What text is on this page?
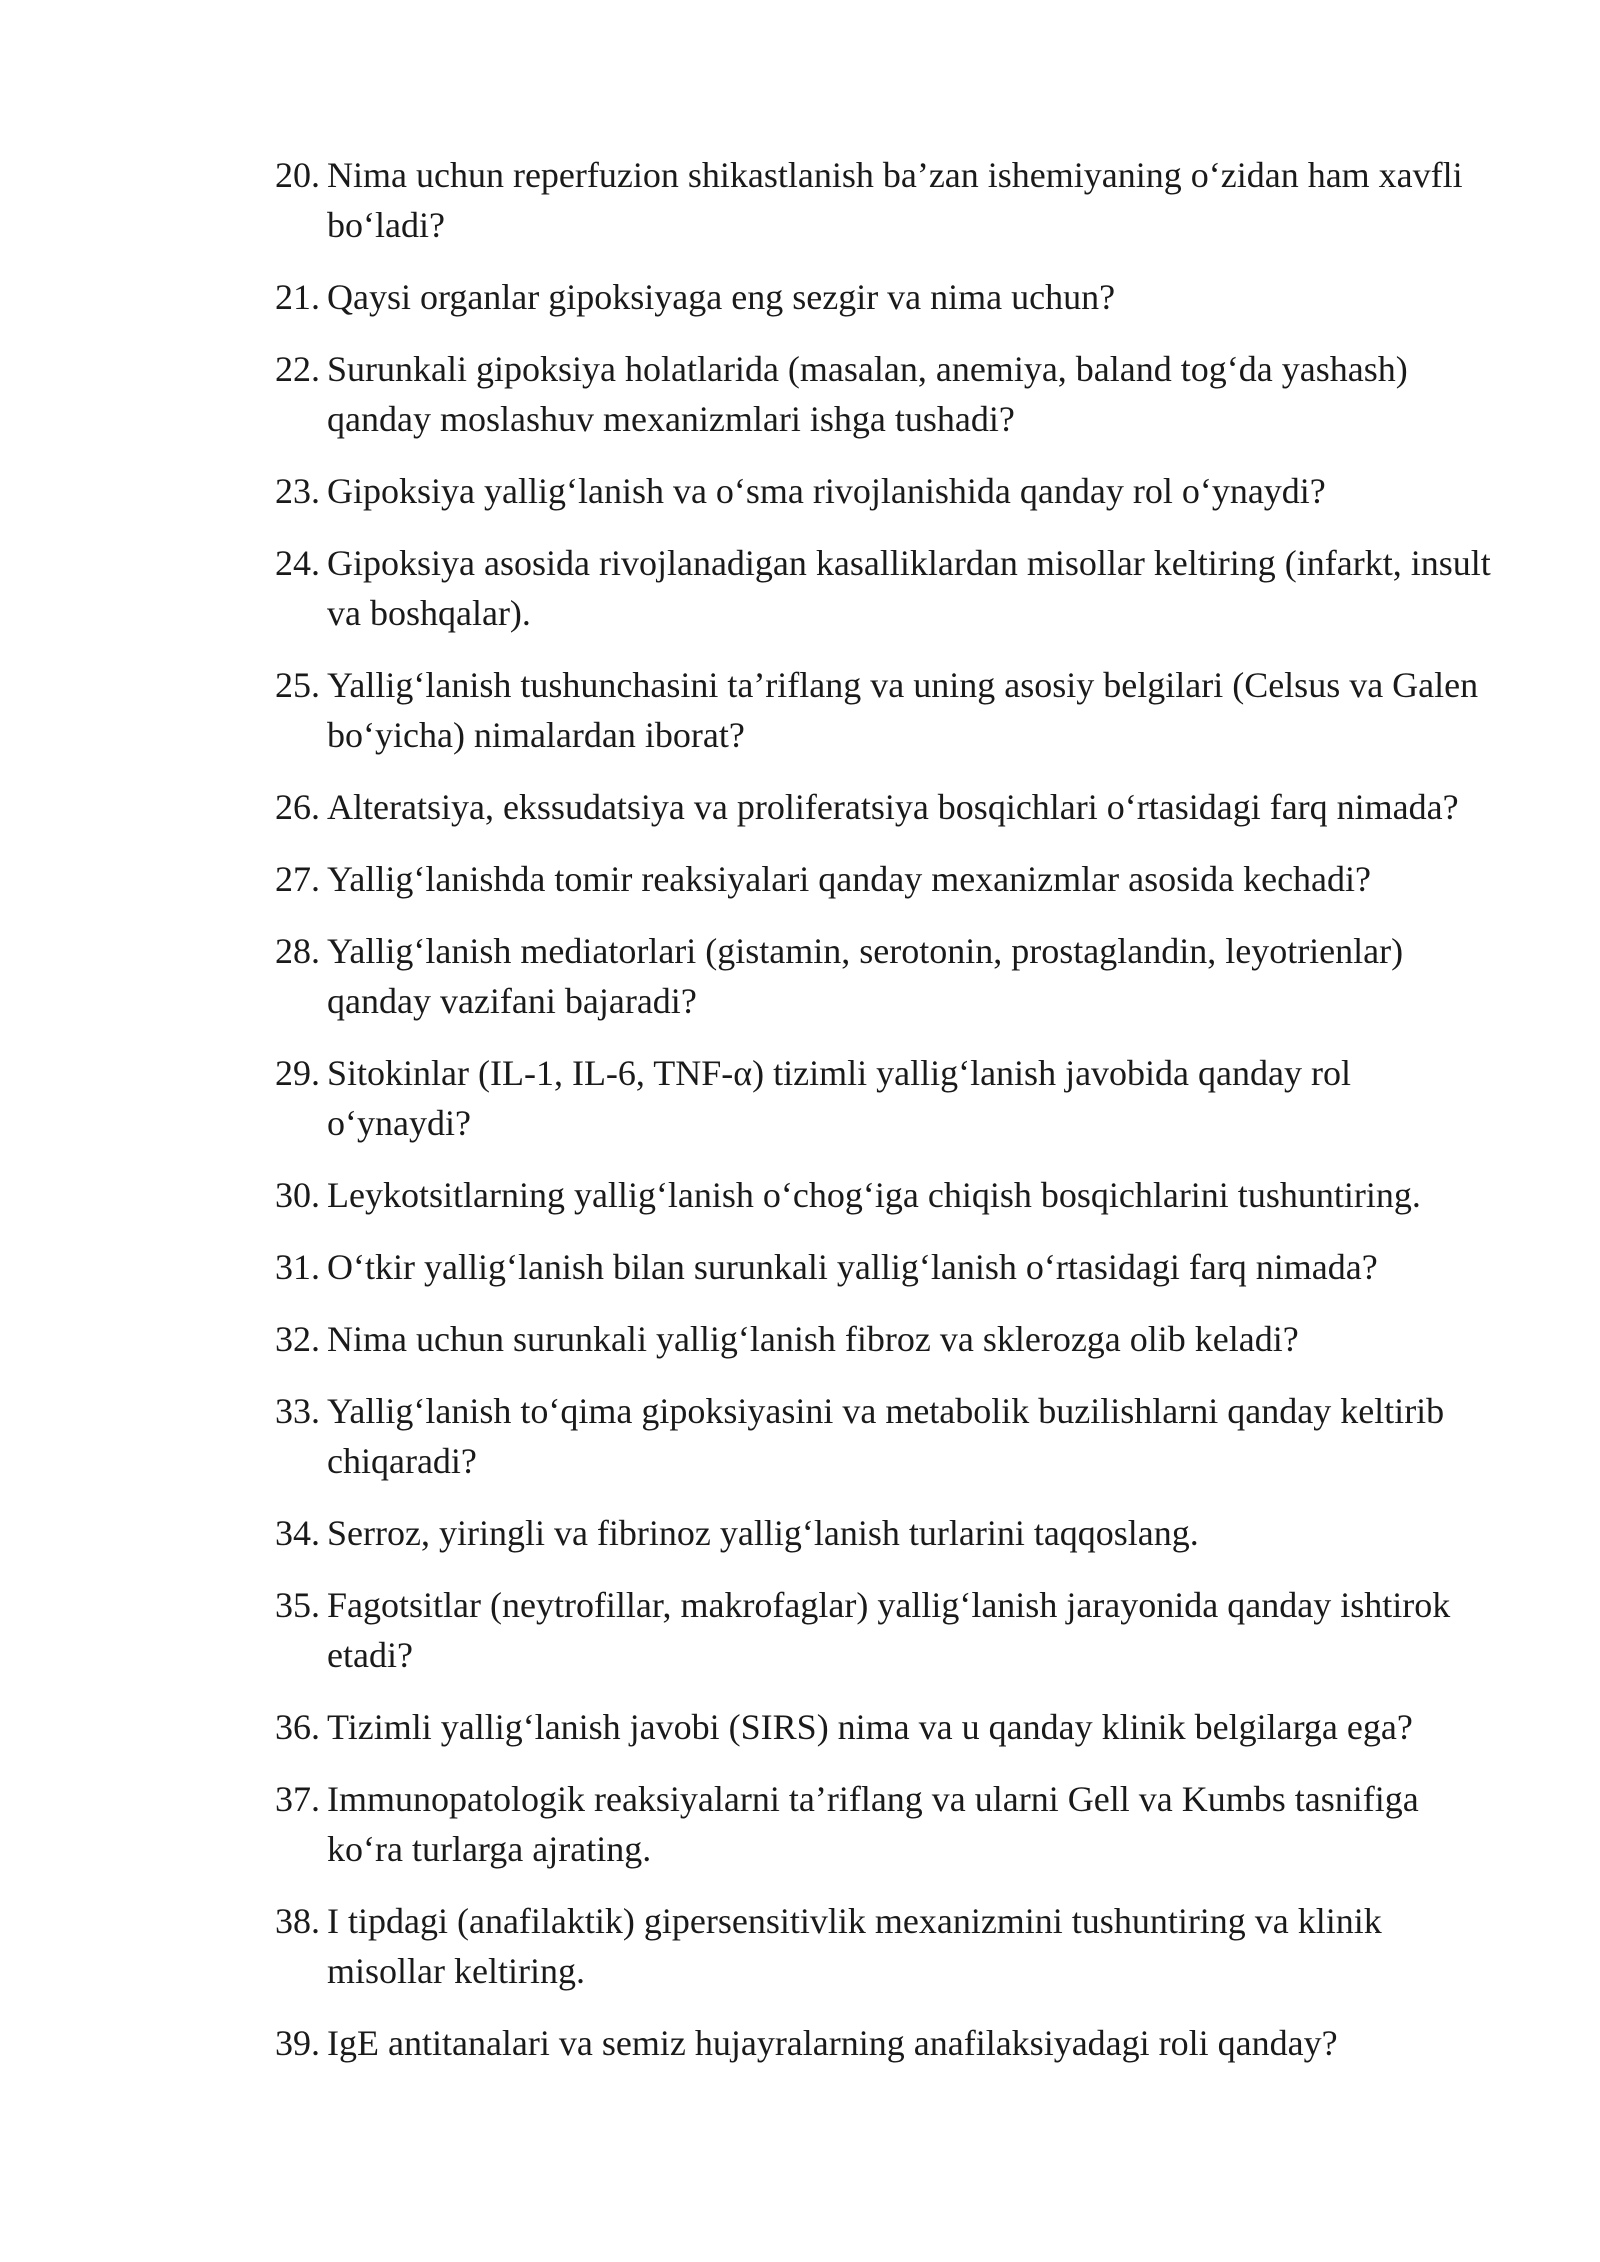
20. Nima uchun reperfuzion shikastlanish ba’zan ishemiyaning o‘zidan ham xavfli bo‘ladi?
21. Qaysi organlar gipoksiyaga eng sezgir va nima uchun?
22. Surunkali gipoksiya holatlarida (masalan, anemiya, baland tog‘da yashash) qanday moslashuv mexanizmlari ishga tushadi?
23. Gipoksiya yallig‘lanish va o‘sma rivojlanishida qanday rol o‘ynaydi?
24. Gipoksiya asosida rivojlanadigan kasalliklardan misollar keltiring (infarkt, insult va boshqalar).
25. Yallig‘lanish tushunchasini ta’riflang va uning asosiy belgilari (Celsus va Galen bo‘yicha) nimalardan iborat?
26. Alteratsiya, ekssudatsiya va proliferatsiya bosqichlari o‘rtasidagi farq nimada?
27. Yallig‘lanishda tomir reaksiyalari qanday mexanizmlar asosida kechadi?
28. Yallig‘lanish mediatorlari (gistamin, serotonin, prostaglandin, leyotrienlar) qanday vazifani bajaradi?
29. Sitokinlar (IL-1, IL-6, TNF-α) tizimli yallig‘lanish javobida qanday rol o‘ynaydi?
30. Leykotsitlarning yallig‘lanish o‘chog‘iga chiqish bosqichlarini tushuntiring.
31. O‘tkir yallig‘lanish bilan surunkali yallig‘lanish o‘rtasidagi farq nimada?
32. Nima uchun surunkali yallig‘lanish fibroz va sklerozga olib keladi?
33. Yallig‘lanish to‘qima gipoksiyasini va metabolik buzilishlarni qanday keltirib chiqaradi?
34. Serroz, yiringli va fibrinoz yallig‘lanish turlarini taqqoslang.
35. Fagotsitlar (neytrofillar, makrofaglar) yallig‘lanish jarayonida qanday ishtirok etadi?
36. Tizimli yallig‘lanish javobi (SIRS) nima va u qanday klinik belgilarga ega?
37. Immunopatologik reaksiyalarni ta’riflang va ularni Gell va Kumbs tasnifiga ko‘ra turlarga ajrating.
38. I tipdagi (anafilaktik) gipersensitivlik mexanizmini tushuntiring va klinik misollar keltiring.
39. IgE antitanalari va semiz hujayralarning anafilaksiyadagi roli qanday?
